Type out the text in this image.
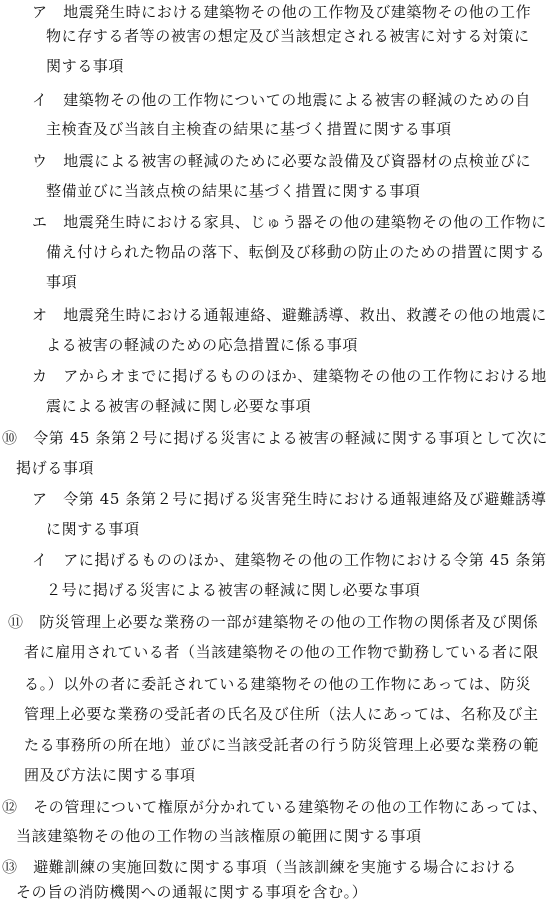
ア　地震発生時における建築物その他の工作物及び建築物その他の工作
物に存する者等の被害の想定及び当該想定される被害に対する対策に
関する事項
イ　建築物その他の工作物についての地震による被害の軽減のための自
主検査及び当該自主検査の結果に基づく措置に関する事項
ウ　地震による被害の軽減のために必要な設備及び資器材の点検並びに
整備並びに当該点検の結果に基づく措置に関する事項
エ　地震発生時における家具、じゅう器その他の建築物その他の工作物に
備え付けられた物品の落下、転倒及び移動の防止のための措置に関する
事項
オ　地震発生時における通報連絡、避難誘導、救出、救護その他の地震に
よる被害の軽減のための応急措置に係る事項
カ　アからオまでに掲げるもののほか、建築物その他の工作物における地
震による被害の軽減に関し必要な事項
⑩　令第 45 条第２号に掲げる災害による被害の軽減に関する事項として次に
掲げる事項
ア　令第 45 条第２号に掲げる災害発生時における通報連絡及び避難誘導
に関する事項
イ　アに掲げるもののほか、建築物その他の工作物における令第 45 条第
２号に掲げる災害による被害の軽減に関し必要な事項
⑪　防災管理上必要な業務の一部が建築物その他の工作物の関係者及び関係
者に雇用されている者（当該建築物その他の工作物で勤務している者に限
る。）以外の者に委託されている建築物その他の工作物にあっては、防災
管理上必要な業務の受託者の氏名及び住所（法人にあっては、名称及び主
たる事務所の所在地）並びに当該受託者の行う防災管理上必要な業務の範
囲及び方法に関する事項
⑫　その管理について権原が分かれている建築物その他の工作物にあっては、
当該建築物その他の工作物の当該権原の範囲に関する事項
⑬　避難訓練の実施回数に関する事項（当該訓練を実施する場合における
その旨の消防機関への通報に関する事項を含む。）
